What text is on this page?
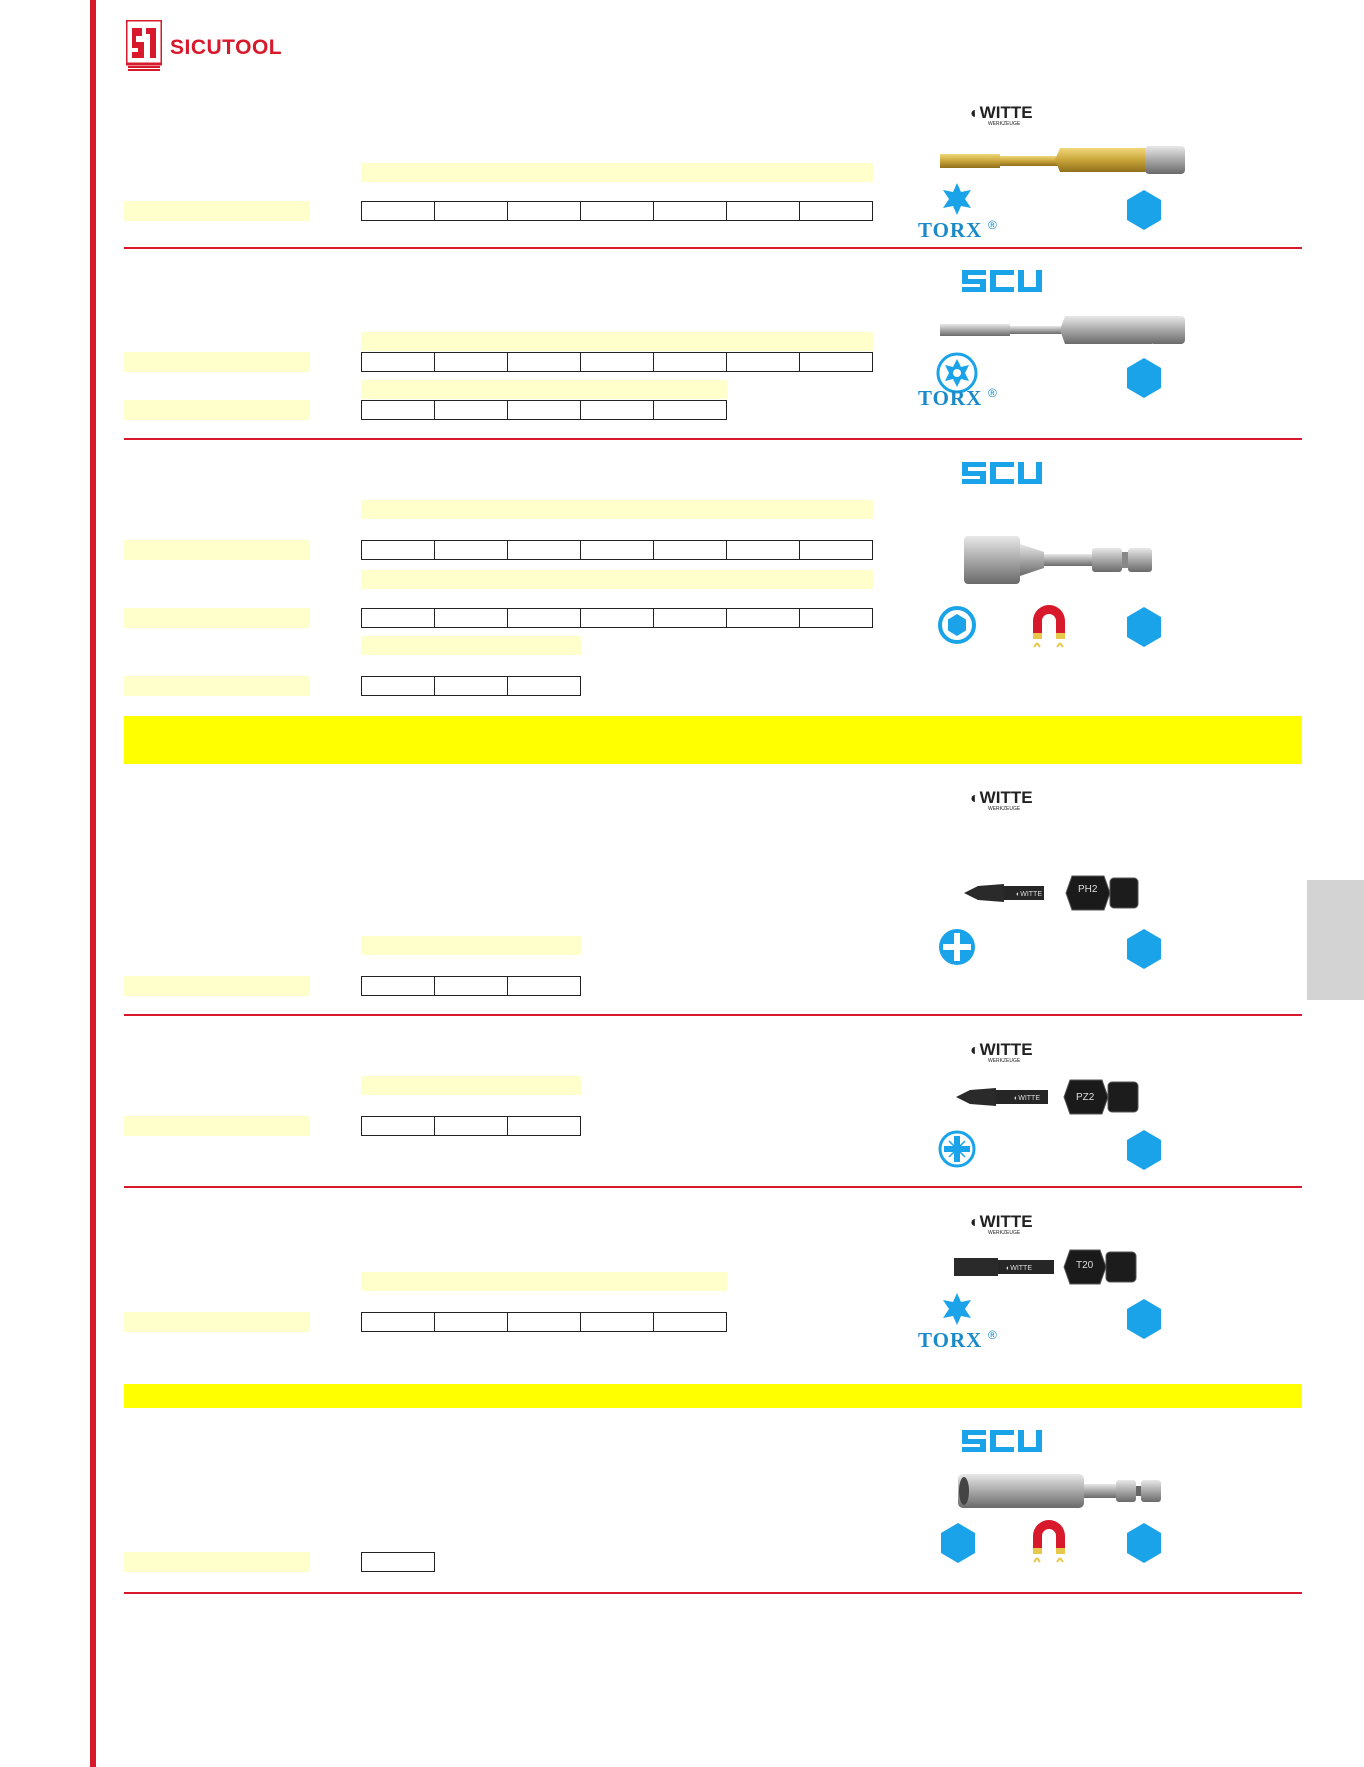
SICUTOOL
◐WITTE
WERKZEUGE
TORX ®
TORX ®
◐WITTE
WERKZEUGE
◐WITTE	PH2
◐WITTE
WERKZEUGE
◐WITTE	PZ2
◐WITTE
WERKZEUGE
◐WITTE	T20
TORX ®
